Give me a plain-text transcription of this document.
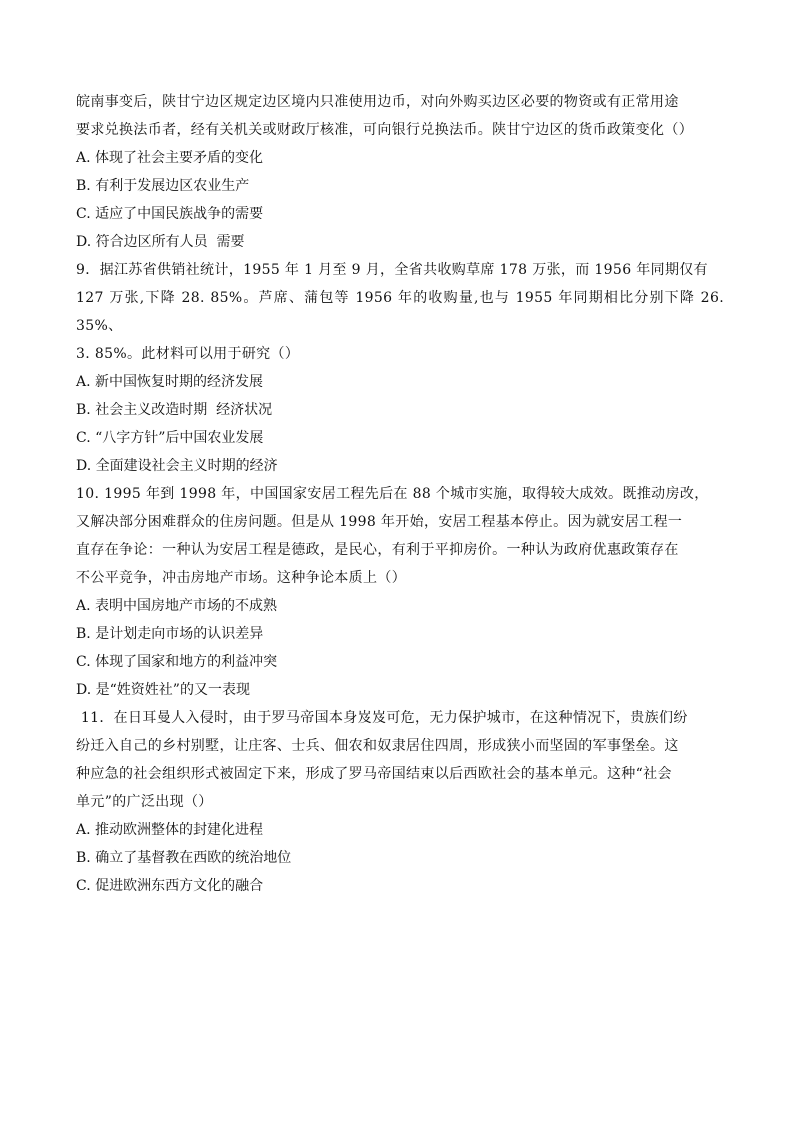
皖南事变后，陕甘宁边区规定边区境内只准使用边币，对向外购买边区必要的物资或有正常用途

要求兑换法币者，经有关机关或财政厅核准，可向银行兑换法币。陕甘宁边区的货币政策变化（）

A. 体现了社会主要矛盾的变化

B. 有利于发展边区农业生产

C. 适应了中国民族战争的需要

D. 符合边区所有人员  需要

9．据江苏省供销社统计，1955 年 1 月至 9 月，全省共收购草席 178 万张，而 1956 年同期仅有

127 万张,下降 28. 85%。芦席、蒲包等 1956 年的收购量,也与 1955 年同期相比分别下降 26. 35%、

3. 85%。此材料可以用于研究（）

A. 新中国恢复时期的经济发展

B. 社会主义改造时期  经济状况

C. “八字方针”后中国农业发展

D. 全面建设社会主义时期的经济

10. 1995 年到 1998 年，中国国家安居工程先后在 88 个城市实施，取得较大成效。既推动房改，

又解决部分困难群众的住房问题。但是从 1998 年开始，安居工程基本停止。因为就安居工程一

直存在争论：一种认为安居工程是德政，是民心，有利于平抑房价。一种认为政府优惠政策存在

不公平竞争，冲击房地产市场。这种争论本质上（）

A. 表明中国房地产市场的不成熟

B. 是计划走向市场的认识差异

C. 体现了国家和地方的利益冲突

D. 是“姓资姓社”的又一表现

11．在日耳曼人入侵时，由于罗马帝国本身岌岌可危，无力保护城市，在这种情况下，贵族们纷

纷迁入自己的乡村别墅，让庄客、士兵、佃农和奴隶居住四周，形成狭小而坚固的军事堡垒。这

种应急的社会组织形式被固定下来，形成了罗马帝国结束以后西欧社会的基本单元。这种“社会

单元”的广泛出现（）

A. 推动欧洲整体的封建化进程

B. 确立了基督教在西欧的统治地位

C. 促进欧洲东西方文化的融合
